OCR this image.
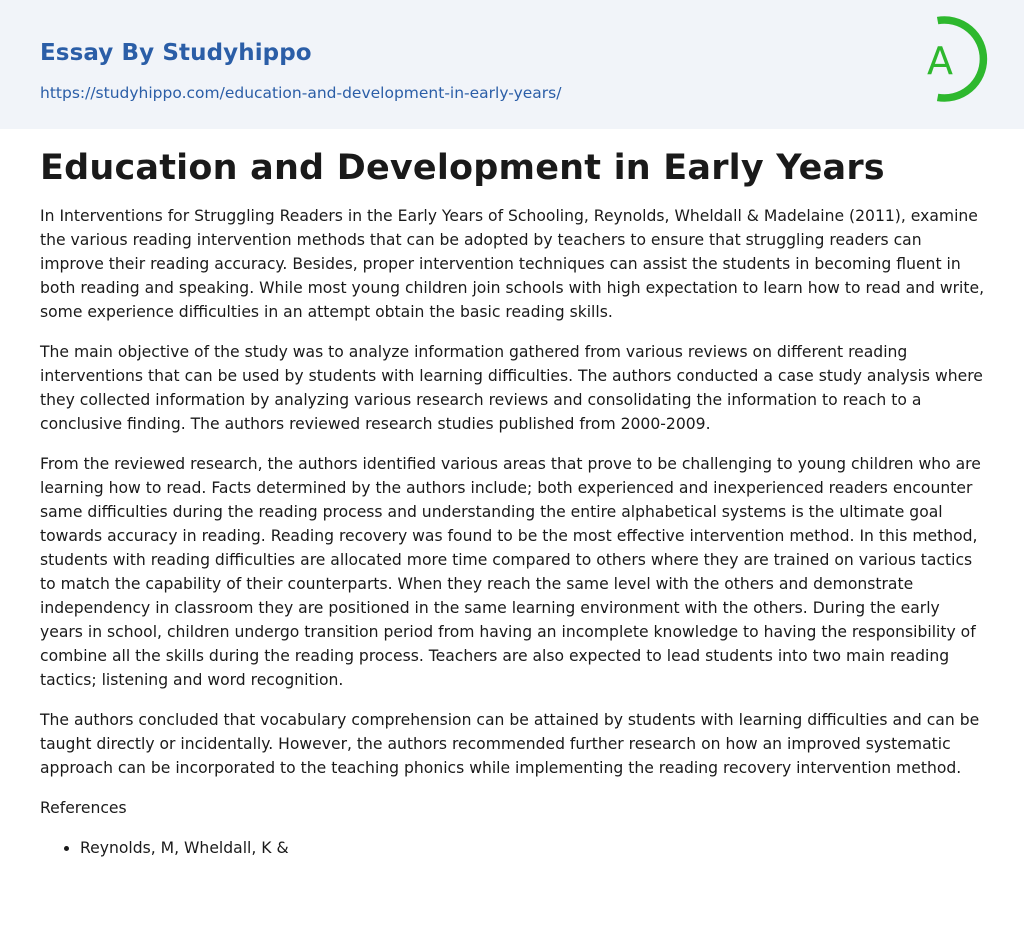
Essay By Studyhippo
https://studyhippo.com/education-and-development-in-early-years/
A
Education and Development in Early Years

In Interventions for Struggling Readers in the Early Years of Schooling, Reynolds, Wheldall & Madelaine (2011), examine the various reading intervention methods that can be adopted by teachers to ensure that struggling readers can improve their reading accuracy. Besides, proper intervention techniques can assist the students in becoming fluent in both reading and speaking. While most young children join schools with high expectation to learn how to read and write, some experience difficulties in an attempt obtain the basic reading skills.

The main objective of the study was to analyze information gathered from various reviews on different reading interventions that can be used by students with learning difficulties. The authors conducted a case study analysis where they collected information by analyzing various research reviews and consolidating the information to reach to a conclusive finding. The authors reviewed research studies published from 2000-2009.

From the reviewed research, the authors identified various areas that prove to be challenging to young children who are learning how to read. Facts determined by the authors include; both experienced and inexperienced readers encounter same difficulties during the reading process and understanding the entire alphabetical systems is the ultimate goal towards accuracy in reading. Reading recovery was found to be the most effective intervention method. In this method, students with reading difficulties are allocated more time compared to others where they are trained on various tactics to match the capability of their counterparts. When they reach the same level with the others and demonstrate independency in classroom they are positioned in the same learning environment with the others. During the early years in school, children undergo transition period from having an incomplete knowledge to having the responsibility of combine all the skills during the reading process. Teachers are also expected to lead students into two main reading tactics; listening and word recognition.

The authors concluded that vocabulary comprehension can be attained by students with learning difficulties and can be taught directly or incidentally. However, the authors recommended further research on how an improved systematic approach can be incorporated to the teaching phonics while implementing the reading recovery intervention method.

References

• Reynolds, M, Wheldall, K &
